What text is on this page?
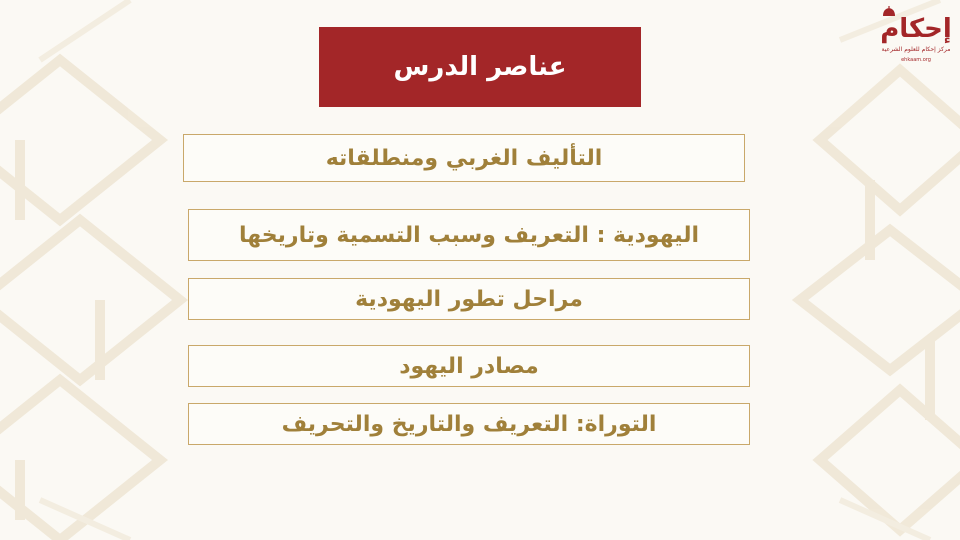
عناصر الدرس
التأليف الغربي ومنطلقاته
اليهودية : التعريف وسبب التسمية وتاريخها
مراحل تطور اليهودية
مصادر اليهود
التوراة: التعريف والتاريخ والتحريف
إحكام
مركز إحكام للعلوم الشرعية
ehkaam.org
